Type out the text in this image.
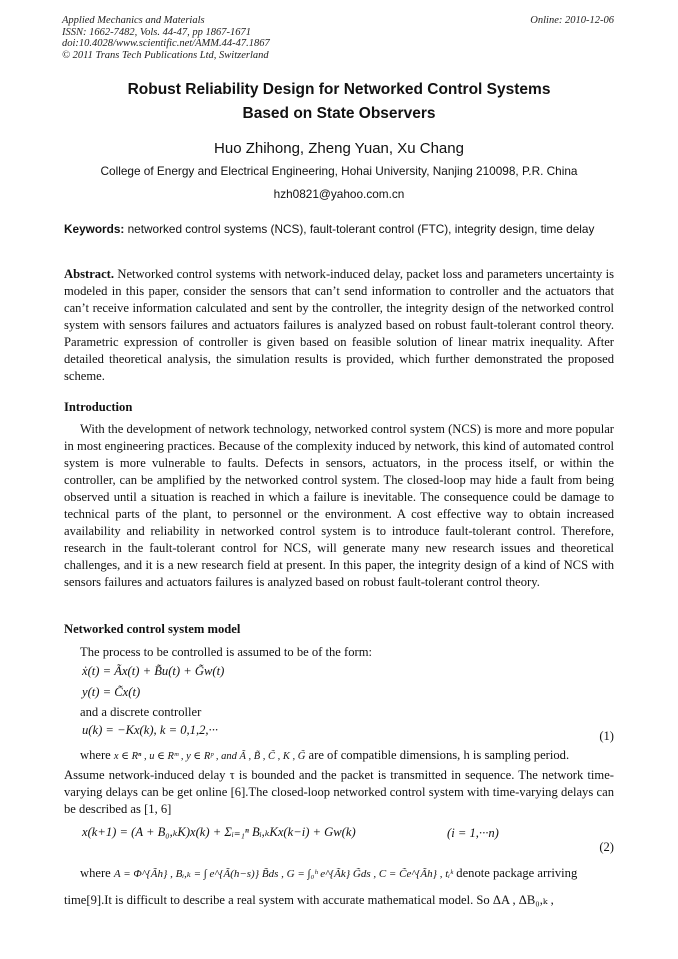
Applied Mechanics and Materials
ISSN: 1662-7482, Vols. 44-47, pp 1867-1671
doi:10.4028/www.scientific.net/AMM.44-47.1867
© 2011 Trans Tech Publications Ltd, Switzerland
Online: 2010-12-06
Robust Reliability Design for Networked Control Systems
Based on State Observers
Huo Zhihong, Zheng Yuan, Xu Chang
College of Energy and Electrical Engineering, Hohai University, Nanjing 210098, P.R. China
hzh0821@yahoo.com.cn
Keywords: networked control systems (NCS), fault-tolerant control (FTC), integrity design, time delay
Abstract. Networked control systems with network-induced delay, packet loss and parameters uncertainty is modeled in this paper, consider the sensors that can’t send information to controller and the actuators that can’t receive information calculated and sent by the controller, the integrity design of the networked control system with sensors failures and actuators failures is analyzed based on robust fault-tolerant control theory. Parametric expression of controller is given based on feasible solution of linear matrix inequality. After detailed theoretical analysis, the simulation results is provided, which further demonstrated the proposed scheme.
Introduction
With the development of network technology, networked control system (NCS) is more and more popular in most engineering practices. Because of the complexity induced by network, this kind of automated control system is more vulnerable to faults. Defects in sensors, actuators, in the process itself, or within the controller, can be amplified by the networked control system. The closed-loop may hide a fault from being observed until a situation is reached in which a failure is inevitable. The consequence could be damage to technical parts of the plant, to personnel or the environment. A cost effective way to obtain increased availability and reliability in networked control system is to introduce fault-tolerant control. Therefore, research in the fault-tolerant control for NCS, will generate many new research issues and theoretical challenges, and it is a new research field at present. In this paper, the integrity design of a kind of NCS with sensors failures and actuators failures is analyzed based on robust fault-tolerant control theory.
Networked control system model
The process to be controlled is assumed to be of the form:
ẋ(t) = Ãx(t) + B̃u(t) + G̃w(t)
y(t) = C̃x(t)
and a discrete controller
u(k) = −Kx(k), k = 0,1,2,···	(1)
where x ∈ Rⁿ , u ∈ Rᵐ , y ∈ Rᵖ , and Ã , B̃ , C̃ , K , G̃ are of compatible dimensions, h is sampling period.
Assume network-induced delay τ is bounded and the packet is transmitted in sequence. The network time-varying delays can be get online [6].The closed-loop networked control system with time-varying delays can be described as [1, 6]
x(k+1) = (A + B₀,ₖK)x(k) + Σᵢ₌₁ⁿ Bᵢ,ₖKx(k−i) + Gw(k)	(i = 1,···n)
(2)
where A = Φ^{Ãh} , Bᵢ,ₖ = ∫ e^{Ã(h−s)} B̃ds , G = ∫₀ʰ e^{Ãk} G̃ds , C = C̃e^{Ãh} , tᵢᵏ denote package arriving
time[9].It is difficult to describe a real system with accurate mathematical model. So ΔA , ΔB₀,ₖ ,
